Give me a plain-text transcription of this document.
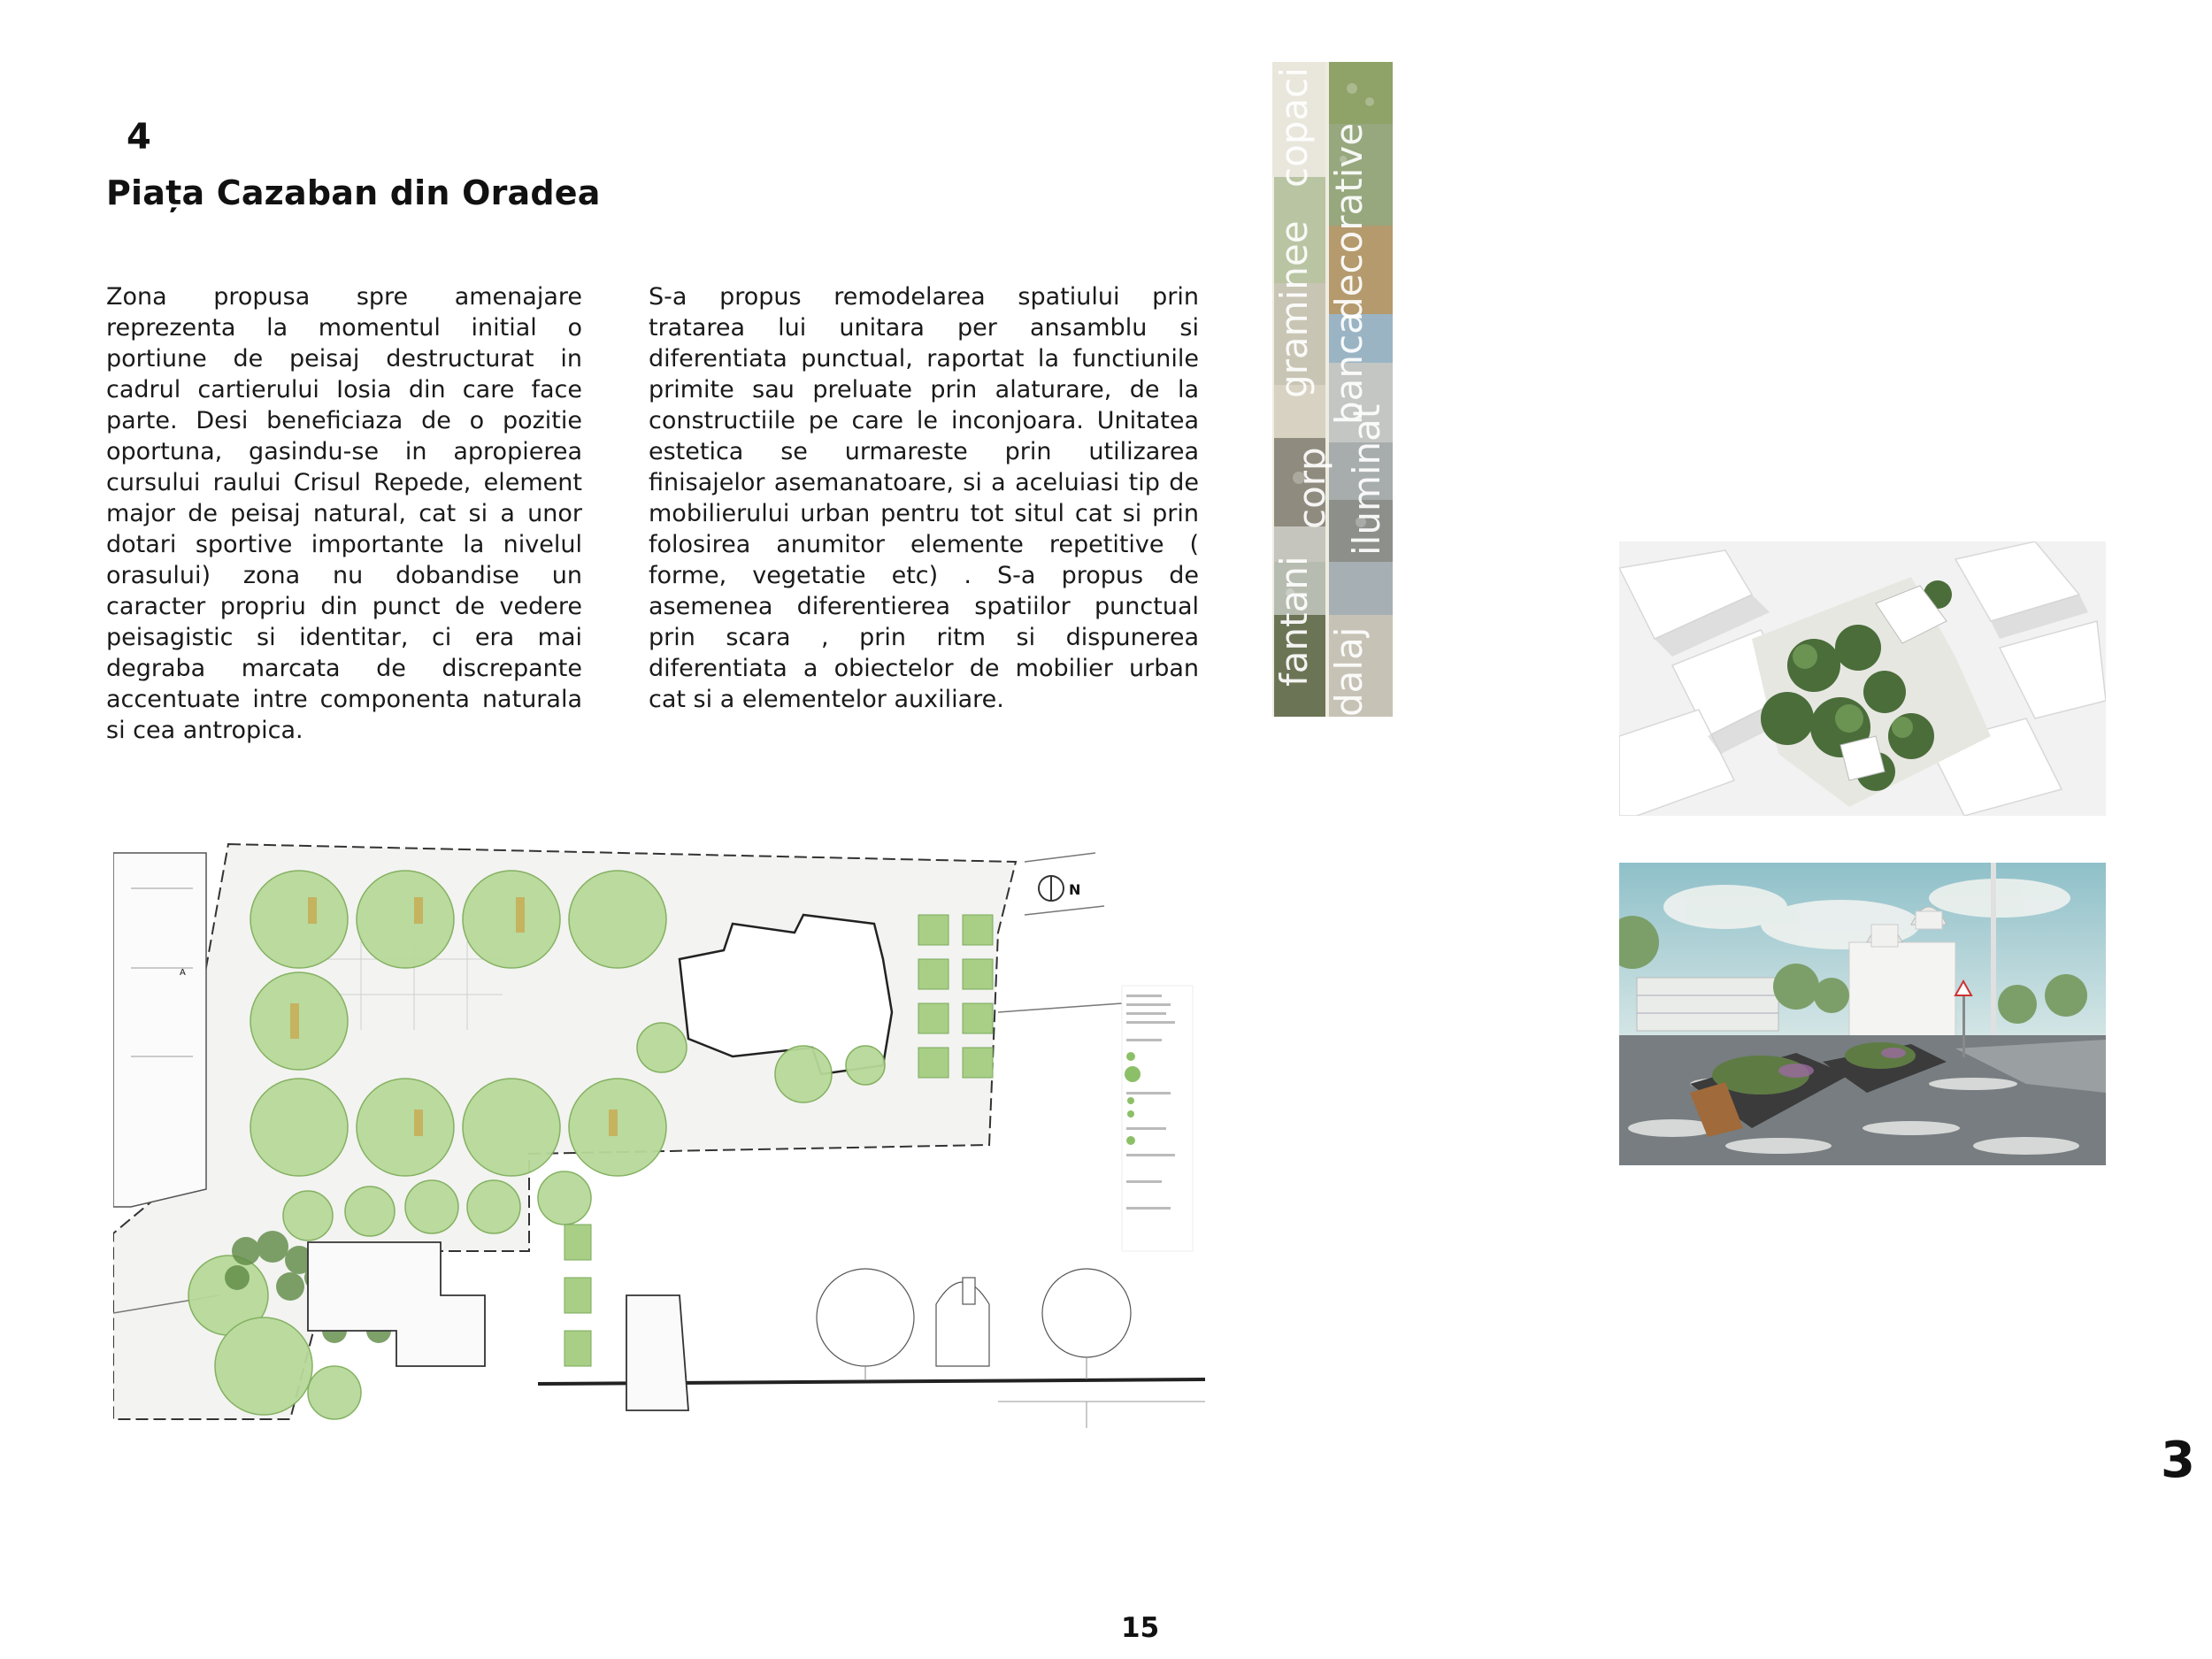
4
Piața Cazaban din Oradea
Zona propusa spre amenajare reprezenta la momentul initial o portiune de peisaj destructurat in cadrul cartierului Iosia din care face parte. Desi beneficiaza de o pozitie oportuna, gasindu-se in apropierea cursului raului Crisul Repede, element major de peisaj natural, cat si a unor dotari sportive importante la nivelul orasului) zona nu dobandise un caracter propriu din punct de vedere peisagistic si identitar, ci era mai degraba marcata de discrepante accentuate intre componenta naturala si cea antropica.
S-a propus remodelarea spatiului prin tratarea lui unitara per ansamblu si diferentiata punctual, raportat la functiunile primite sau preluate prin alaturare, de la constructiile pe care le inconjoara. Unitatea estetica se urmareste prin utilizarea finisajelor asemanatoare, si a aceluiasi tip de mobilierului urban pentru tot situl cat si prin folosirea anumitor elemente repetitive ( forme, vegetatie etc) . S-a propus de asemenea diferentierea spatiilor punctual prin scara , prin ritm si dispunerea diferentiata a obiectelor de mobilier urban cat si a elementelor auxiliare.
copaci
graminee decorative
banca
corp iluminat
fantani dalaj
N
A
3
15
